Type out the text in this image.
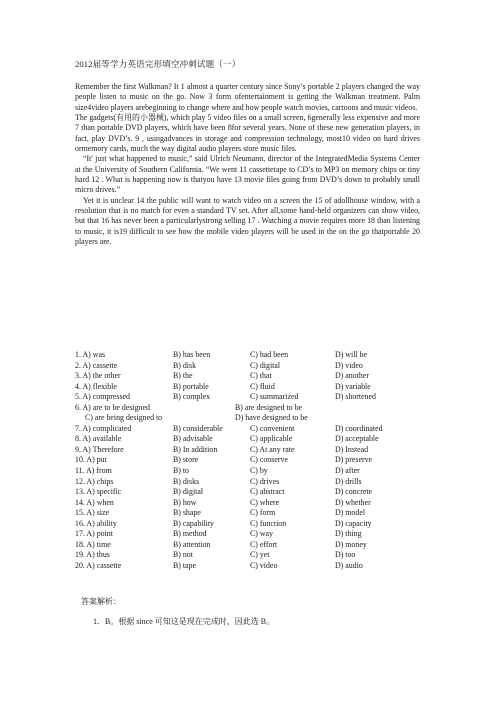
2012届等学力英语完形填空冲刺试题（一）

Remember the first Walkman? It 1 almost a quarter century since Sony’s portable 2 players changed the way people listen to music on the go. Now 3 form ofentertainment is getting the Walkman treatment. Palm size4video players arebeginning to change where and how people watch movies, cartoons and music videos.

The gadgets(有用的小器械), which play 5 video files on a small screen, 6generally less expensive and more 7 than portable DVD players, which have been 8for several years. None of these new generation players, in fact, play DVD’s. 9 , usingadvances in storage and compression technology, most10 video on hard drives ormemory cards, much the way digital audio players store music files.

“It' just what happened to music,” said Ulrich Neumann, director of the IntegratedMedia Systems Center at the University of Southern California. “We went 11 cassettetape to CD’s to MP3 on memory chips or tiny hard 12 . What is happening now is thatyou have 13 movie files going from DVD’s down to probably small micro drives.”

Yet it is unclear 14 the public will want to watch video on a screen the 15 of adollhouse window, with a resolution that is no match for even a standard TV set. After all,some hand-held organizers can show video, but that 16 has never been a particularlystrong selling 17 . Watching a movie requires more 18 than listening to music, it is19 difficult to see how the mobile video players will be used in the on the go thatportable 20 players are.

1. A) was	B) has been	C) had been	D) will be
2. A) cassette	B) disk	C) digital	D) video
3. A) the other	B) the	C) that	D) another
4. A) flexible	B) portable	C) fluid	D) variable
5. A) compressed	B) complex	C) summarized	D) shortened
6. A) are to be designed	B) are designed to be
C) are being designed to	D) have designed to be
7. A) complicated	B) considerable	C) convenient	D) coordinated
8. A) available	B) advisable	C) applicable	D) acceptable
9. A) Therefore	B) In addition	C) At any rate	D) Instead
10. A) put	B) store	C) conserve	D) preserve
11. A) from	B) to	C) by	D) after
12. A) chips	B) disks	C) drives	D) drills
13. A) specific	B) digital	C) abstract	D) concrete
14. A) when	B) how	C) where	D) whether
15. A) size	B) shape	C) form	D) model
16. A) ability	B) capability	C) function	D) capacity
17. A) point	B) method	C) way	D) thing
18. A) time	B) attention	C) effort	D) money
19. A) thus	B) not	C) yet	D) too
20. A) cassette	B) tape	C) video	D) audio
答案解析：
1．B。根据 since 可知这是现在完成时，因此选 B。
